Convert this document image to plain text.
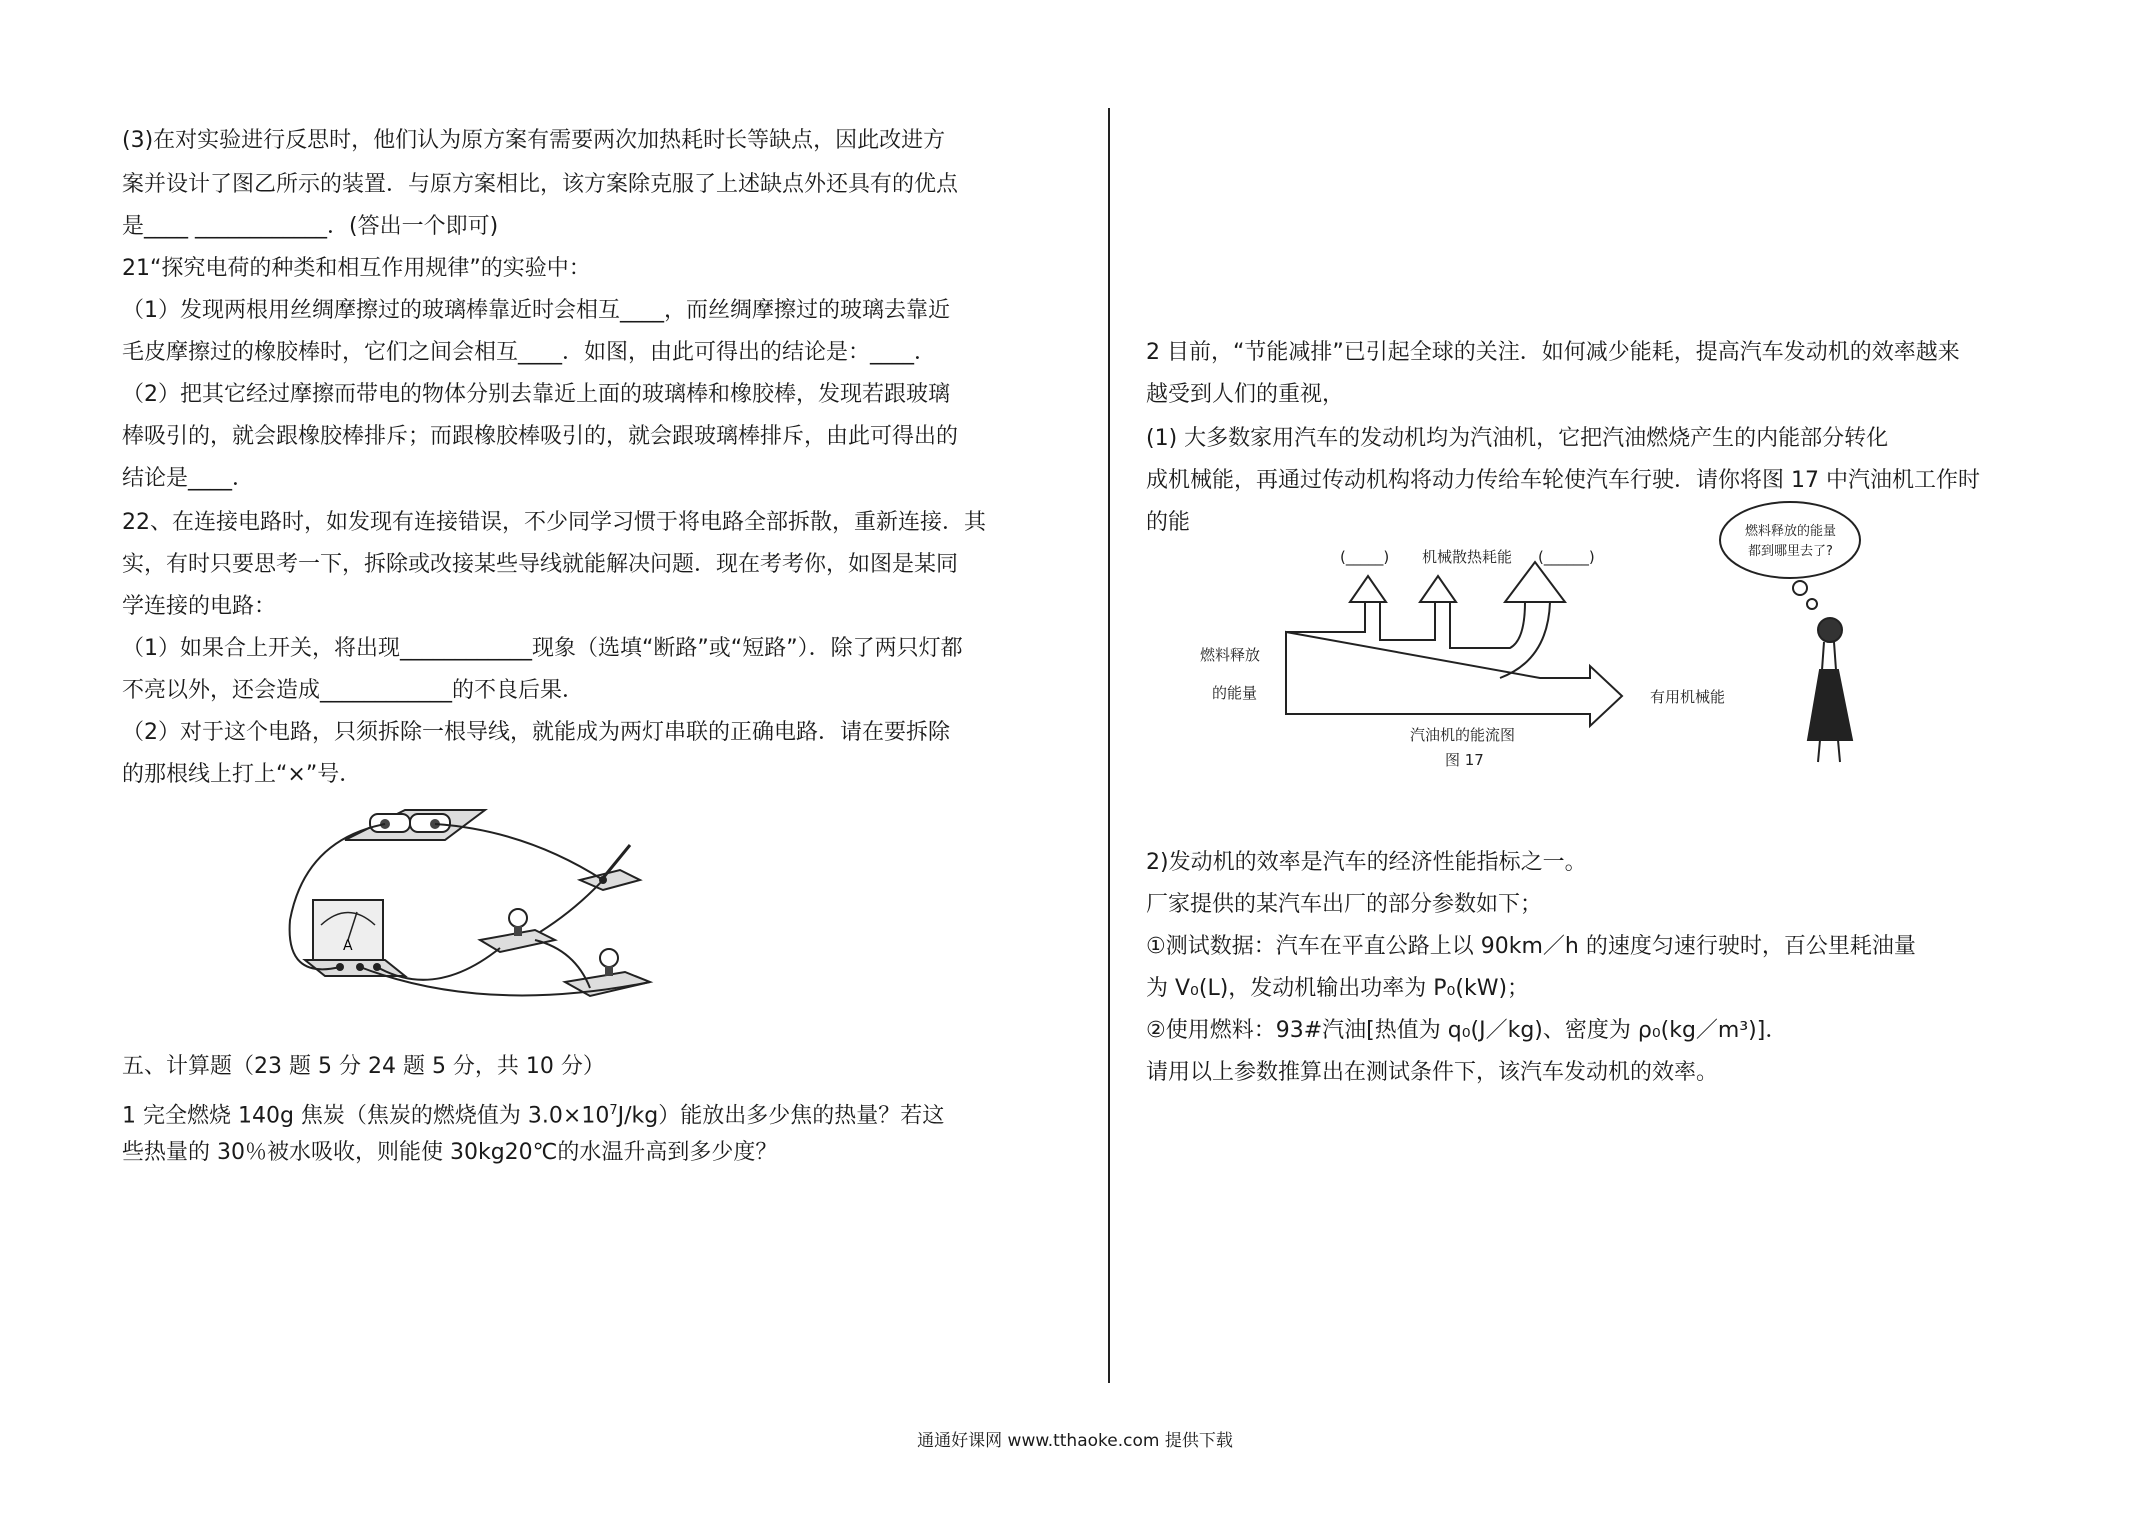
(3)在对实验进行反思时，他们认为原方案有需要两次加热耗时长等缺点，因此改进方
案并设计了图乙所示的装置．与原方案相比，该方案除克服了上述缺点外还具有的优点
是____ ____________．(答出一个即可)
21“探究电荷的种类和相互作用规律”的实验中：
（1）发现两根用丝绸摩擦过的玻璃棒靠近时会相互____，而丝绸摩擦过的玻璃去靠近
毛皮摩擦过的橡胶棒时，它们之间会相互____．如图，由此可得出的结论是：____．
（2）把其它经过摩擦而带电的物体分别去靠近上面的玻璃棒和橡胶棒，发现若跟玻璃
棒吸引的，就会跟橡胶棒排斥；而跟橡胶棒吸引的，就会跟玻璃棒排斥，由此可得出的
结论是____．
22、在连接电路时，如发现有连接错误，不少同学习惯于将电路全部拆散，重新连接．其
实，有时只要思考一下，拆除或改接某些导线就能解决问题．现在考考你，如图是某同
学连接的电路：
（1）如果合上开关，将出现____________现象（选填“断路”或“短路”）．除了两只灯都
不亮以外，还会造成____________的不良后果．
（2）对于这个电路，只须拆除一根导线，就能成为两灯串联的正确电路．请在要拆除
的那根线上打上“×”号．
A
五、计算题（23 题 5 分 24 题 5 分，共 10 分）
1 完全燃烧 140g 焦炭（焦炭的燃烧值为 $3.0\times 10^7J/kg$）能放出多少焦的热量？若这
些热量的 30％被水吸收，则能使 30kg20℃的水温升高到多少度？
2 目前，“节能减排”已引起全球的关注．如何减少能耗，提高汽车发动机的效率越来
越受到人们的重视，
(1) 大多数家用汽车的发动机均为汽油机，它把汽油燃烧产生的内能部分转化
成机械能，再通过传动机构将动力传给车轮使汽车行驶．请你将图 17 中汽油机工作时
的能
(_____) 机械散热耗能 (______)
燃料释放
的能量	有用机械能
汽油机的能流图
图 17
燃料释放的能量
都到哪里去了?
2)发动机的效率是汽车的经济性能指标之一。
厂家提供的某汽车出厂的部分参数如下；
①测试数据：汽车在平直公路上以 90km／h 的速度匀速行驶时，百公里耗油量
为 V₀(L)，发动机输出功率为 P₀(kW)；
②使用燃料：93#汽油[热值为 q₀(J／kg)、密度为 ρ₀(kg／m³)]．
请用以上参数推算出在测试条件下，该汽车发动机的效率。
通通好课网 www.tthaoke.com 提供下载
